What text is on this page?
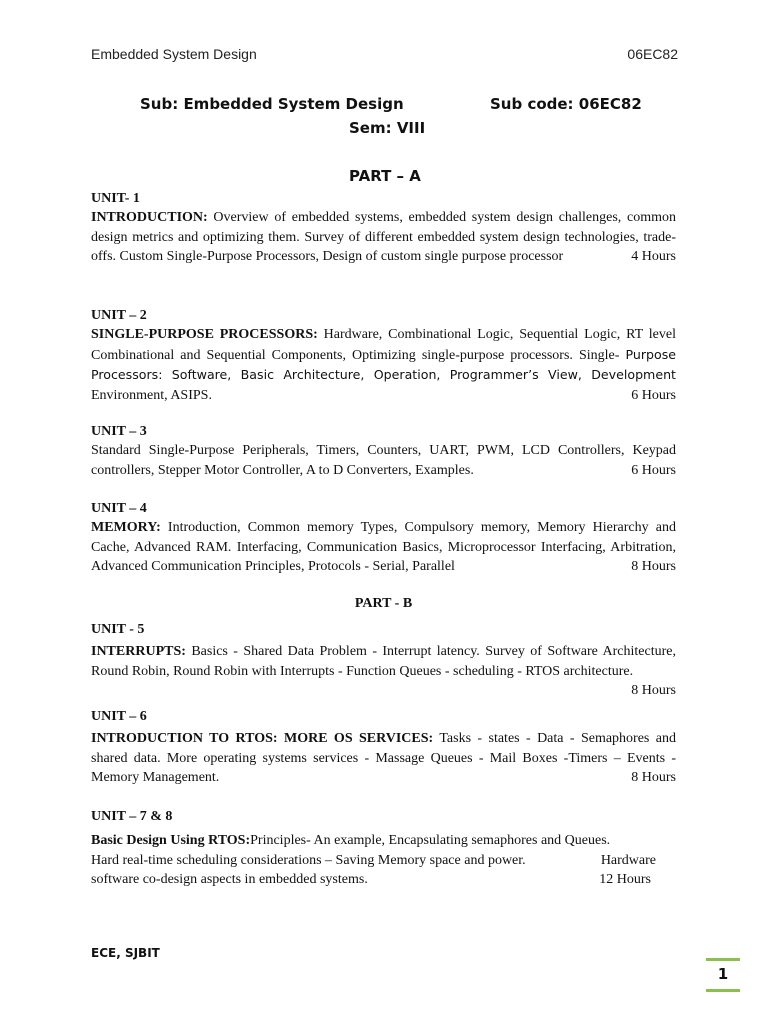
Embedded System Design	06EC82
Sub: Embedded System Design	Sub code: 06EC82
Sem: VIII
PART – A
UNIT- 1
INTRODUCTION: Overview of embedded systems, embedded system design challenges, common design metrics and optimizing them. Survey of different embedded system design technologies, trade-offs. Custom Single-Purpose Processors, Design of custom single purpose processor	4 Hours
UNIT – 2
SINGLE-PURPOSE PROCESSORS: Hardware, Combinational Logic, Sequential Logic, RT level Combinational and Sequential Components, Optimizing single-purpose processors. Single- Purpose Processors: Software, Basic Architecture, Operation, Programmer’s View, Development Environment, ASIPS.	6 Hours
UNIT – 3
Standard Single-Purpose Peripherals, Timers, Counters, UART, PWM, LCD Controllers, Keypad controllers, Stepper Motor Controller, A to D Converters, Examples.	6 Hours
UNIT – 4
MEMORY: Introduction, Common memory Types, Compulsory memory, Memory Hierarchy and Cache, Advanced RAM. Interfacing, Communication Basics, Microprocessor Interfacing, Arbitration, Advanced Communication Principles, Protocols - Serial, Parallel	8 Hours
PART - B
UNIT - 5
INTERRUPTS: Basics - Shared Data Problem - Interrupt latency. Survey of Software Architecture, Round Robin, Round Robin with Interrupts - Function Queues - scheduling - RTOS architecture.
8 Hours
UNIT – 6
INTRODUCTION TO RTOS: MORE OS SERVICES: Tasks - states - Data - Semaphores and shared data. More operating systems services - Massage Queues - Mail Boxes -Timers – Events - Memory Management.	8 Hours
UNIT – 7 & 8
Basic Design Using RTOS:Principles- An example, Encapsulating semaphores and Queues.
Hard real-time scheduling considerations – Saving Memory space and power.	Hardware
software co-design aspects in embedded systems.	12 Hours
ECE, SJBIT
1
